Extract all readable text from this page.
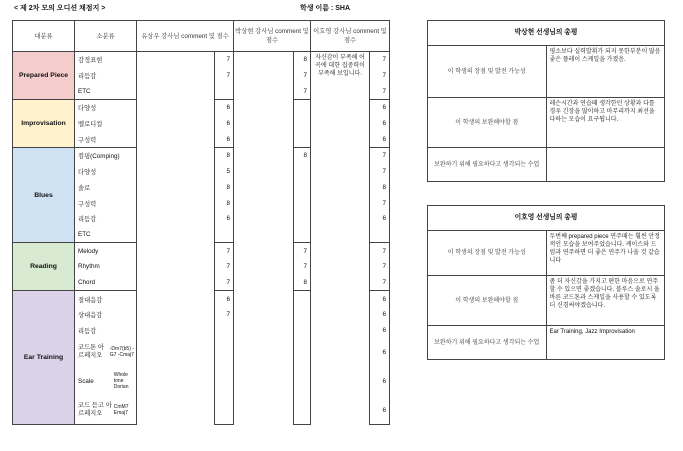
< 제 2차 모의 오디션 채점지 >	학생 이름 : SHA
대분류	소분류	유상우 강사님 comment 및 점수		박상현 강사님 comment 및 점수		이호영 강사님 comment 및 점수	
Prepared Piece	감정표현		7		8	자신감이 부족해 어 곡에 대한 집중력이 부족해 보입니다.	7
	리듬감		7		7		7
	ETC				7		7
Improvisation	다양성		6				6
	멜로디컬		6				6
	구성력		6				6
Blues	컴핑(Comping)		8		8		7
	다양성		5				7
	솔로		8				8
	구성력		8				7
	리듬감		6				6
	ETC						
Reading	Melody		7		7		7
	Rhythm		7		7		7
	Chord		7		8		7
Ear Training	절대음감		6				6
	상대음감		7				6
	리듬감						6
	코드톤 아르페지오 -Dm7(b5) -G7 -Cmaj7						6
	Scale Whole tone Dorian						6
	코드 듣고 아르페지오 CmM7 Emaj7						6
박상현 선생님의 총평	
이 학생의 장점 및 발전 가능성	평소보다 실력발휘가 되지 못한부분이 많음 좋은 플레이 스케일을 가졌음.
이 학생의 보완해야할 점	레슨시간과 연습때 생각한던 상황과 다를 경우 긴장을 많이하고 마무리까지 최선을 다하는 모습이 요구됩니다.
보완하기 위해 필요하다고 생각되는 수업	
이호영 선생님의 총평	
이 학생의 장점 및 발전 가능성	두번째 prepared piece 연주때는 훨씬 안정적인 모습을 보여주었습니다. 케이스와 드럼과 연주하면 더 좋은 연주가 나올 것 같습니다
이 학생의 보완해야할 점	좀 더 자신감을 가지고 편한 마음으로 연주할 수 있으면 좋겠습니다. 블루스 솔로시 올바른 코드톤과 스케일을 사용할 수 있도록 더 신경써야겠습니다.
보완하기 위해 필요하다고 생각되는 수업	Ear Training, Jazz Improvisation
